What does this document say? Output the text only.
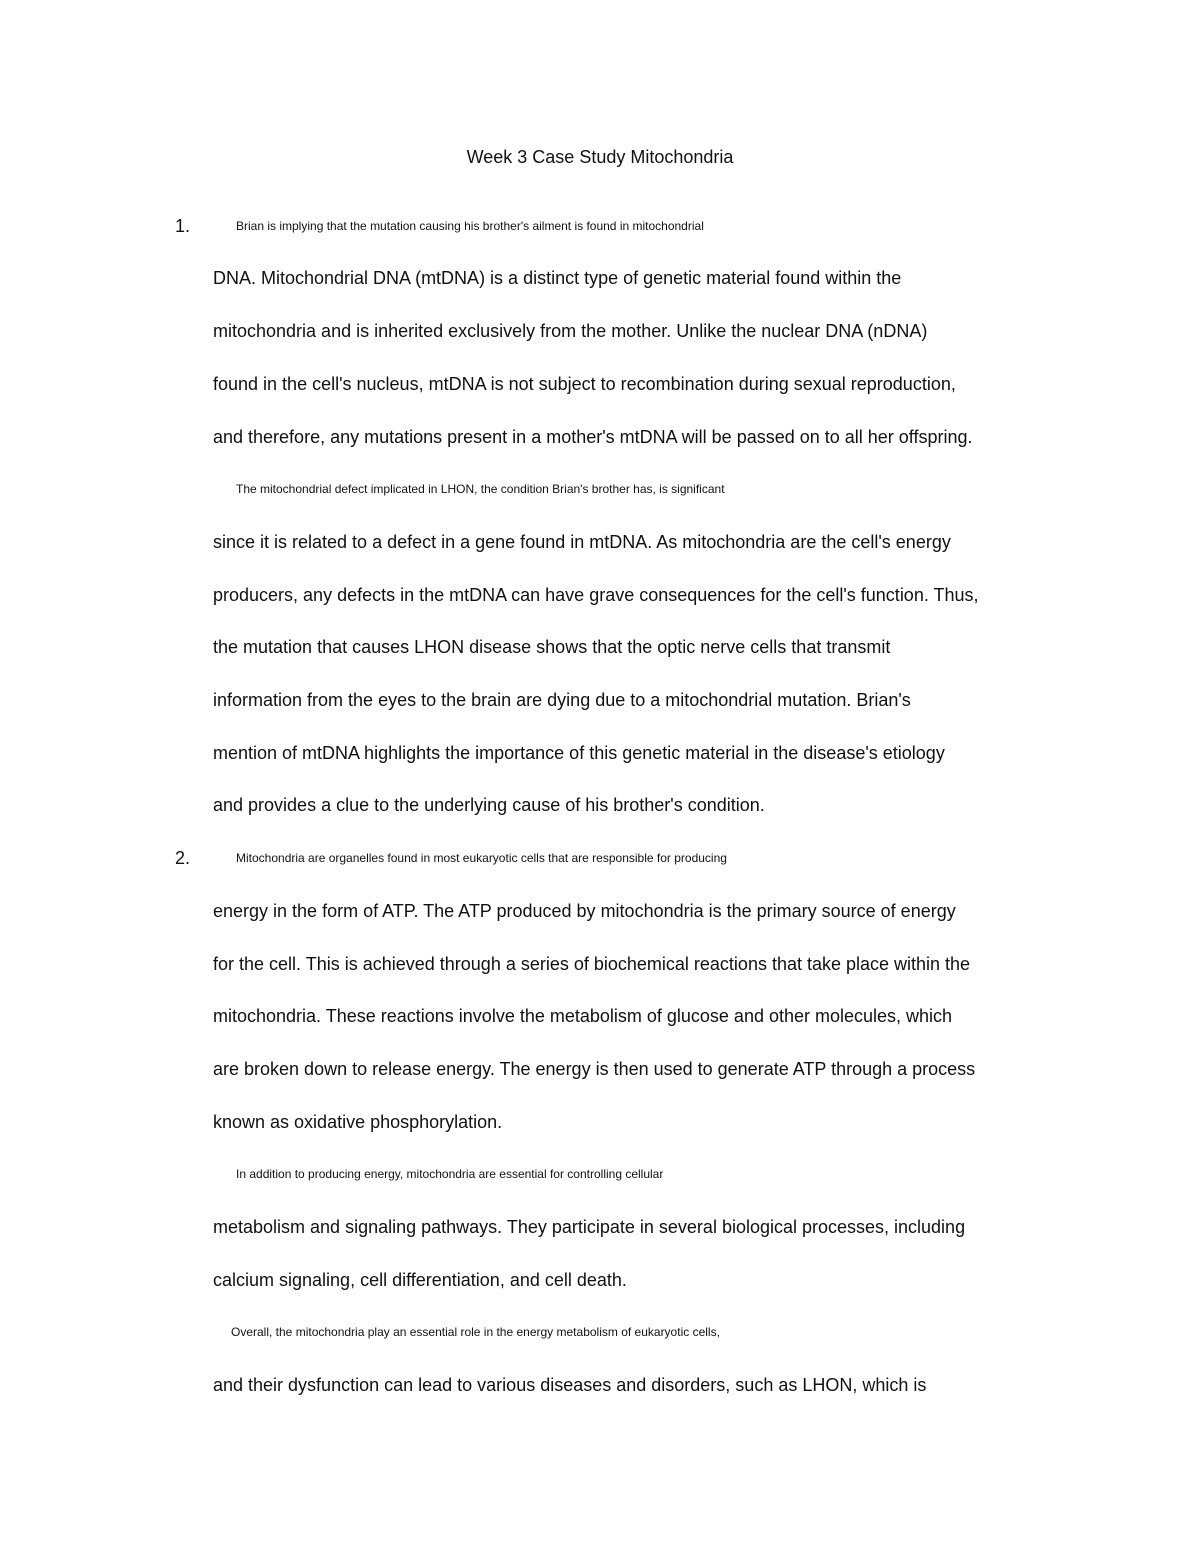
Week 3 Case Study Mitochondria
1.	Brian is implying that the mutation causing his brother's ailment is found in mitochondrial
DNA. Mitochondrial DNA (mtDNA) is a distinct type of genetic material found within the
mitochondria and is inherited exclusively from the mother. Unlike the nuclear DNA (nDNA)
found in the cell's nucleus, mtDNA is not subject to recombination during sexual reproduction,
and therefore, any mutations present in a mother's mtDNA will be passed on to all her offspring.
The mitochondrial defect implicated in LHON, the condition Brian's brother has, is significant
since it is related to a defect in a gene found in mtDNA. As mitochondria are the cell's energy
producers, any defects in the mtDNA can have grave consequences for the cell's function. Thus,
the mutation that causes LHON disease shows that the optic nerve cells that transmit
information from the eyes to the brain are dying due to a mitochondrial mutation. Brian's
mention of mtDNA highlights the importance of this genetic material in the disease's etiology
and provides a clue to the underlying cause of his brother's condition.
2.	Mitochondria are organelles found in most eukaryotic cells that are responsible for producing
energy in the form of ATP. The ATP produced by mitochondria is the primary source of energy
for the cell. This is achieved through a series of biochemical reactions that take place within the
mitochondria. These reactions involve the metabolism of glucose and other molecules, which
are broken down to release energy. The energy is then used to generate ATP through a process
known as oxidative phosphorylation.
In addition to producing energy, mitochondria are essential for controlling cellular
metabolism and signaling pathways. They participate in several biological processes, including
calcium signaling, cell differentiation, and cell death.
Overall, the mitochondria play an essential role in the energy metabolism of eukaryotic cells,
and their dysfunction can lead to various diseases and disorders, such as LHON, which is
